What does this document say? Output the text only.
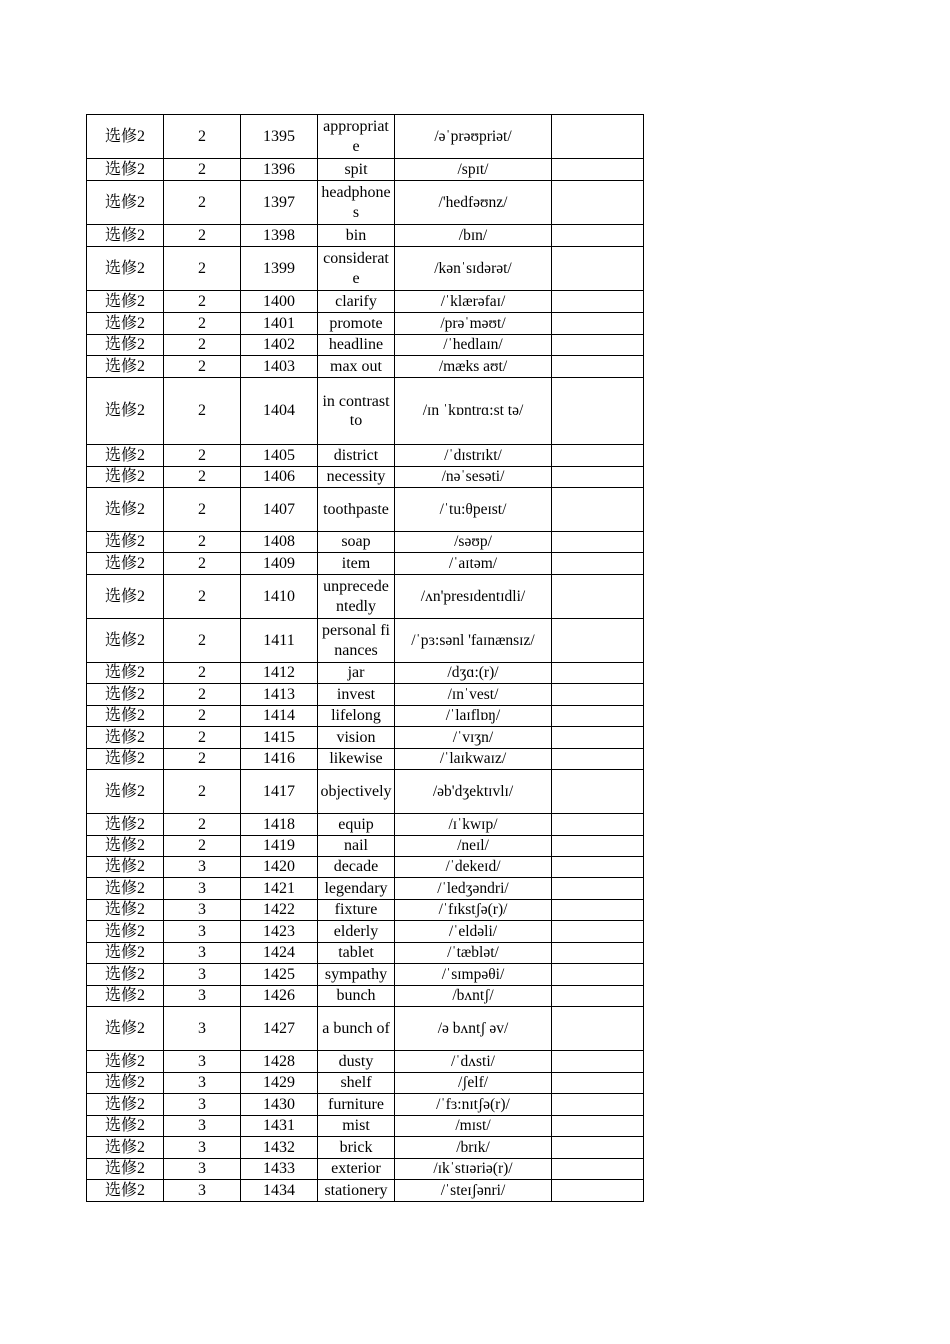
选修2	2	1395	appropriate	/əˈprəʊpriət/	
选修2	2	1396	spit	/spɪt/	
选修2	2	1397	headphones	/'hedfəʊnz/	
选修2	2	1398	bin	/bɪn/	
选修2	2	1399	considerate	/kənˈsɪdərət/	
选修2	2	1400	clarify	/ˈklærəfaɪ/	
选修2	2	1401	promote	/prəˈməʊt/	
选修2	2	1402	headline	/ˈhedlaɪn/	
选修2	2	1403	max out	/mæks aʊt/	
选修2	2	1404	in contrast to	/ɪn ˈkɒntrɑ:st tə/	
选修2	2	1405	district	/ˈdɪstrɪkt/	
选修2	2	1406	necessity	/nəˈsesəti/	
选修2	2	1407	toothpaste	/ˈtu:θpeɪst/	
选修2	2	1408	soap	/səʊp/	
选修2	2	1409	item	/ˈaɪtəm/	
选修2	2	1410	unprecedentedly	/ʌn'presɪdentɪdli/	
选修2	2	1411	personal finances	/ˈpɜ:sənl 'faɪnænsɪz/	
选修2	2	1412	jar	/dʒɑ:(r)/	
选修2	2	1413	invest	/ɪnˈvest/	
选修2	2	1414	lifelong	/ˈlaɪflɒŋ/	
选修2	2	1415	vision	/ˈvɪʒn/	
选修2	2	1416	likewise	/ˈlaɪkwaɪz/	
选修2	2	1417	objectively	/əb'dʒektɪvlɪ/	
选修2	2	1418	equip	/ɪˈkwɪp/	
选修2	2	1419	nail	/neɪl/	
选修2	3	1420	decade	/ˈdekeɪd/	
选修2	3	1421	legendary	/ˈledʒəndri/	
选修2	3	1422	fixture	/ˈfɪkstʃə(r)/	
选修2	3	1423	elderly	/ˈeldəli/	
选修2	3	1424	tablet	/ˈtæblət/	
选修2	3	1425	sympathy	/ˈsɪmpəθi/	
选修2	3	1426	bunch	/bʌntʃ/	
选修2	3	1427	a bunch of	/ə bʌntʃ əv/	
选修2	3	1428	dusty	/ˈdʌsti/	
选修2	3	1429	shelf	/ʃelf/	
选修2	3	1430	furniture	/ˈfɜ:nɪtʃə(r)/	
选修2	3	1431	mist	/mɪst/	
选修2	3	1432	brick	/brɪk/	
选修2	3	1433	exterior	/ɪkˈstɪəriə(r)/	
选修2	3	1434	stationery	/ˈsteɪʃənri/	
